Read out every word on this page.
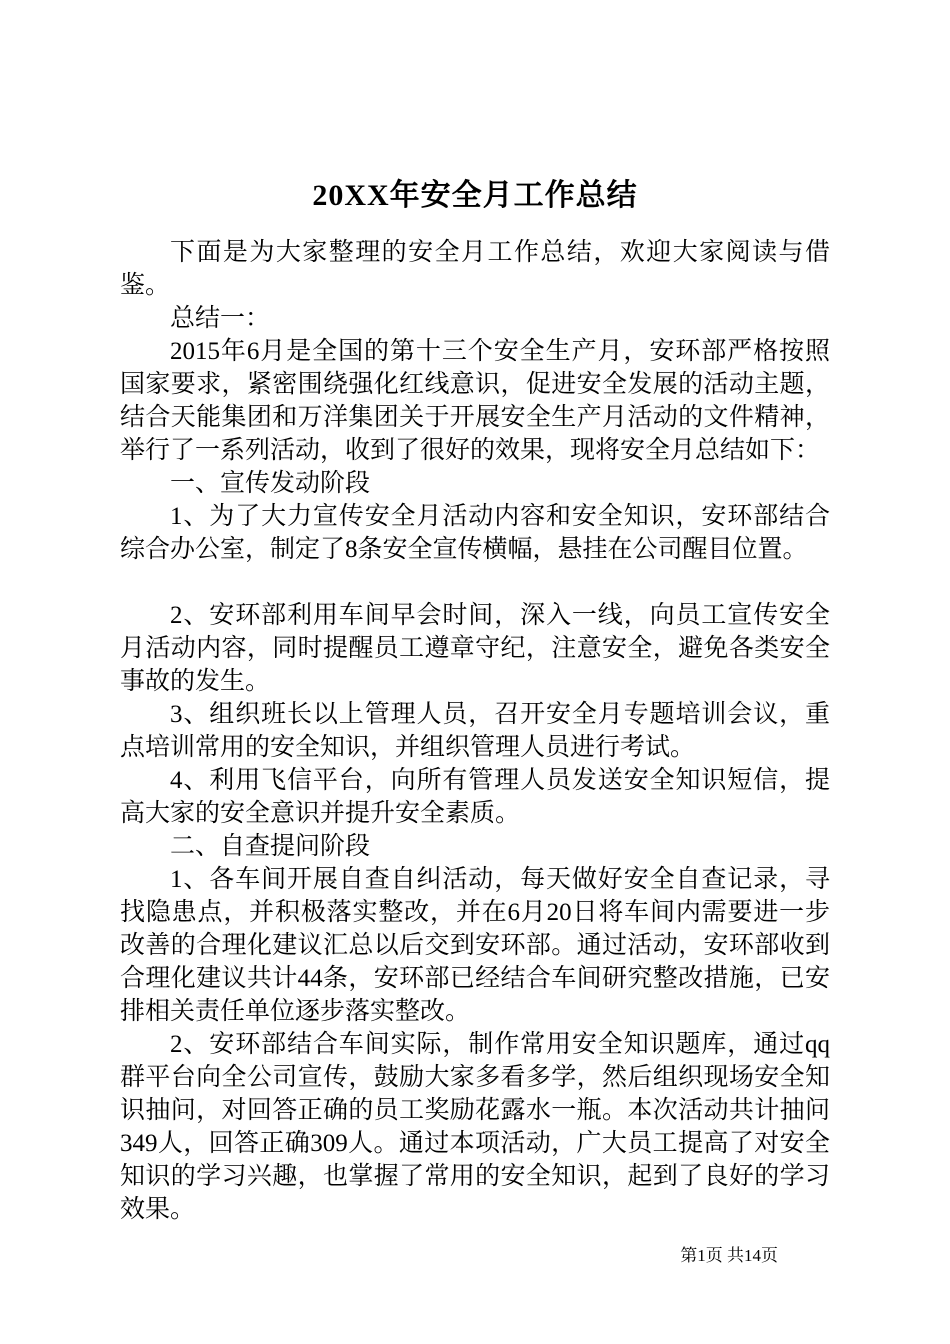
20XX年安全月工作总结

下面是为大家整理的安全月工作总结，欢迎大家阅读与借鉴。

总结一：

2015年6月是全国的第十三个安全生产月，安环部严格按照国家要求，紧密围绕强化红线意识，促进安全发展的活动主题，结合天能集团和万洋集团关于开展安全生产月活动的文件精神，举行了一系列活动，收到了很好的效果，现将安全月总结如下：

一、宣传发动阶段

1、为了大力宣传安全月活动内容和安全知识，安环部结合综合办公室，制定了8条安全宣传横幅，悬挂在公司醒目位置。

2、安环部利用车间早会时间，深入一线，向员工宣传安全月活动内容，同时提醒员工遵章守纪，注意安全，避免各类安全事故的发生。

3、组织班长以上管理人员，召开安全月专题培训会议，重点培训常用的安全知识，并组织管理人员进行考试。

4、利用飞信平台，向所有管理人员发送安全知识短信，提高大家的安全意识并提升安全素质。

二、自查提问阶段

1、各车间开展自查自纠活动，每天做好安全自查记录，寻找隐患点，并积极落实整改，并在6月20日将车间内需要进一步改善的合理化建议汇总以后交到安环部。通过活动，安环部收到合理化建议共计44条，安环部已经结合车间研究整改措施，已安排相关责任单位逐步落实整改。

2、安环部结合车间实际，制作常用安全知识题库，通过qq群平台向全公司宣传，鼓励大家多看多学，然后组织现场安全知识抽问，对回答正确的员工奖励花露水一瓶。本次活动共计抽问349人，回答正确309人。通过本项活动，广大员工提高了对安全知识的学习兴趣，也掌握了常用的安全知识，起到了良好的学习效果。

第1页 共14页
